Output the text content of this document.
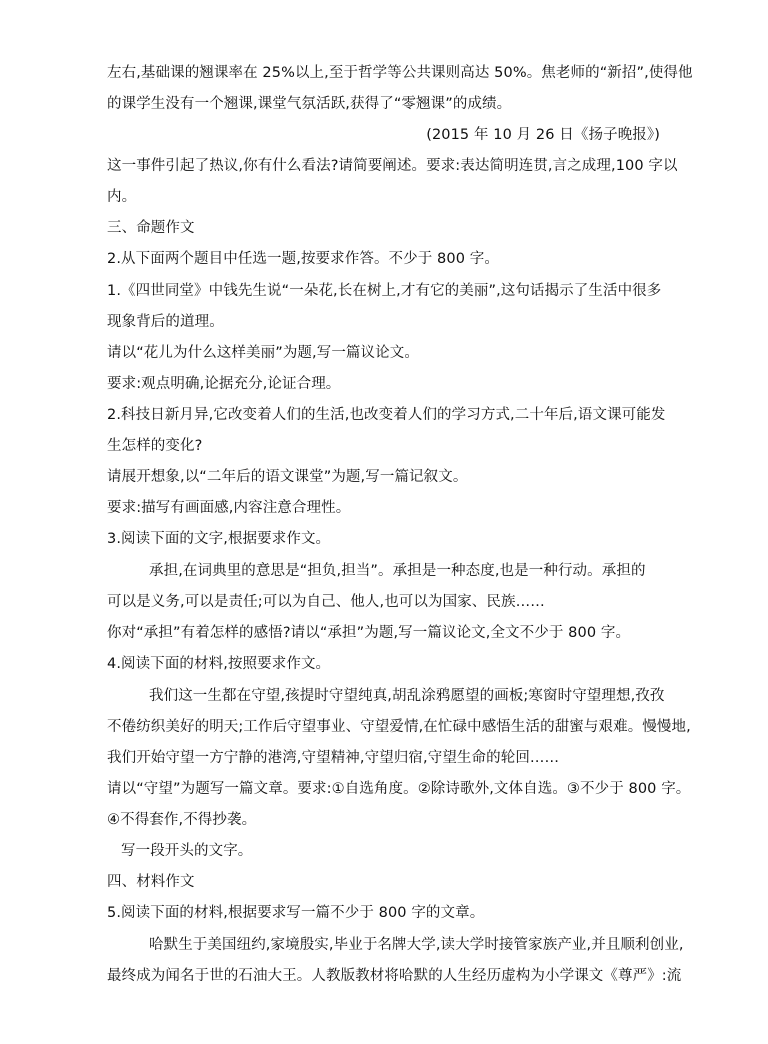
左右,基础课的翘课率在 25%以上,至于哲学等公共课则高达 50%。焦老师的“新招”,使得他
的课学生没有一个翘课,课堂气氛活跃,获得了“零翘课”的成绩。
(2015 年 10 月 26 日《扬子晚报》)
这一事件引起了热议,你有什么看法?请简要阐述。要求:表达简明连贯,言之成理,100 字以
内。
三、命题作文
2.从下面两个题目中任选一题,按要求作答。不少于 800 字。
1.《四世同堂》中钱先生说“一朵花,长在树上,才有它的美丽”,这句话揭示了生活中很多
现象背后的道理。
请以“花儿为什么这样美丽”为题,写一篇议论文。
要求:观点明确,论据充分,论证合理。
2.科技日新月异,它改变着人们的生活,也改变着人们的学习方式,二十年后,语文课可能发
生怎样的变化?
请展开想象,以“二年后的语文课堂”为题,写一篇记叙文。
要求:描写有画面感,内容注意合理性。
3.阅读下面的文字,根据要求作文。
承担,在词典里的意思是“担负,担当”。承担是一种态度,也是一种行动。承担的
可以是义务,可以是责任;可以为自己、他人,也可以为国家、民族……
你对“承担”有着怎样的感悟?请以“承担”为题,写一篇议论文,全文不少于 800 字。
4.阅读下面的材料,按照要求作文。
我们这一生都在守望,孩提时守望纯真,胡乱涂鸦愿望的画板;寒窗时守望理想,孜孜
不倦纺织美好的明天;工作后守望事业、守望爱情,在忙碌中感悟生活的甜蜜与艰难。慢慢地,
我们开始守望一方宁静的港湾,守望精神,守望归宿,守望生命的轮回……
请以“守望”为题写一篇文章。要求:①自选角度。②除诗歌外,文体自选。③不少于 800 字。
④不得套作,不得抄袭。
写一段开头的文字。
四、材料作文
5.阅读下面的材料,根据要求写一篇不少于 800 字的文章。
哈默生于美国纽约,家境殷实,毕业于名牌大学,读大学时接管家族产业,并且顺利创业,
最终成为闻名于世的石油大王。人教版教材将哈默的人生经历虚构为小学课文《尊严》:流
